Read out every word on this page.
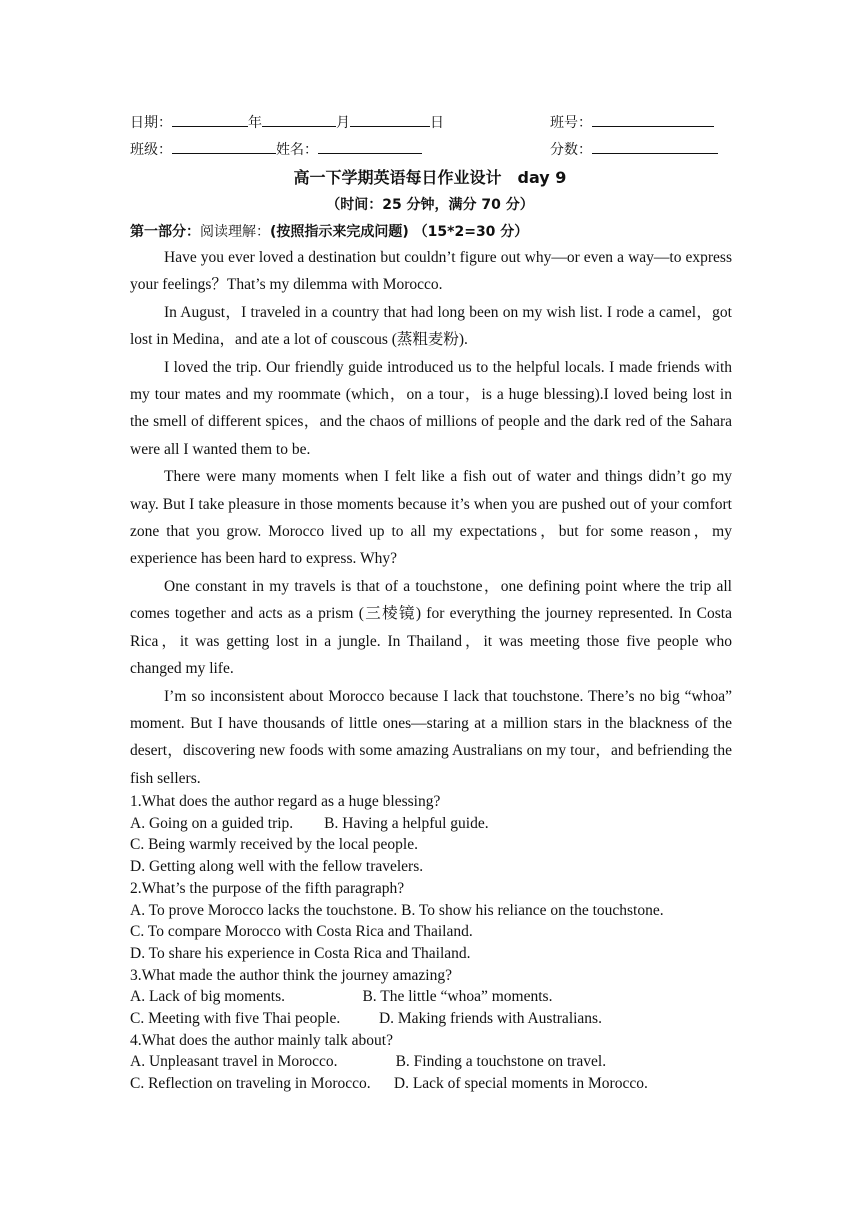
日期：	年	月	日	班号：
班级：	姓名：	分数：
高一下学期英语每日作业设计　day 9
（时间：25 分钟，满分 70 分）
第一部分：阅读理解：(按照指示来完成问题) （15*2=30 分）

Have you ever loved a destination but couldn’t figure out why—or even a way—to express your feelings？That’s my dilemma with Morocco.

In August，I traveled in a country that had long been on my wish list. I rode a camel，got lost in Medina，and ate a lot of couscous (蒸粗麦粉).

I loved the trip. Our friendly guide introduced us to the helpful locals. I made friends with my tour mates and my roommate (which，on a tour，is a huge blessing).I loved being lost in the smell of different spices，and the chaos of millions of people and the dark red of the Sahara were all I wanted them to be.

There were many moments when I felt like a fish out of water and things didn’t go my way. But I take pleasure in those moments because it’s when you are pushed out of your comfort zone that you grow. Morocco lived up to all my expectations，but for some reason，my experience has been hard to express. Why?

One constant in my travels is that of a touchstone，one defining point where the trip all comes together and acts as a prism (三棱镜) for everything the journey represented. In Costa Rica，it was getting lost in a jungle. In Thailand，it was meeting those five people who changed my life.

I’m so inconsistent about Morocco because I lack that touchstone. There’s no big “whoa” moment. But I have thousands of little ones—staring at a million stars in the blackness of the desert，discovering new foods with some amazing Australians on my tour，and befriending the fish sellers.

1.What does the author regard as a huge blessing?
A. Going on a guided trip.        B. Having a helpful guide.
C. Being warmly received by the local people.
D. Getting along well with the fellow travelers.
2.What’s the purpose of the fifth paragraph?
A. To prove Morocco lacks the touchstone. B. To show his reliance on the touchstone.
C. To compare Morocco with Costa Rica and Thailand.
D. To share his experience in Costa Rica and Thailand.
3.What made the author think the journey amazing?
A. Lack of big moments.                    B. The little “whoa” moments.
C. Meeting with five Thai people.          D. Making friends with Australians.
4.What does the author mainly talk about?
A. Unpleasant travel in Morocco.               B. Finding a touchstone on travel.
C. Reflection on traveling in Morocco.      D. Lack of special moments in Morocco.
